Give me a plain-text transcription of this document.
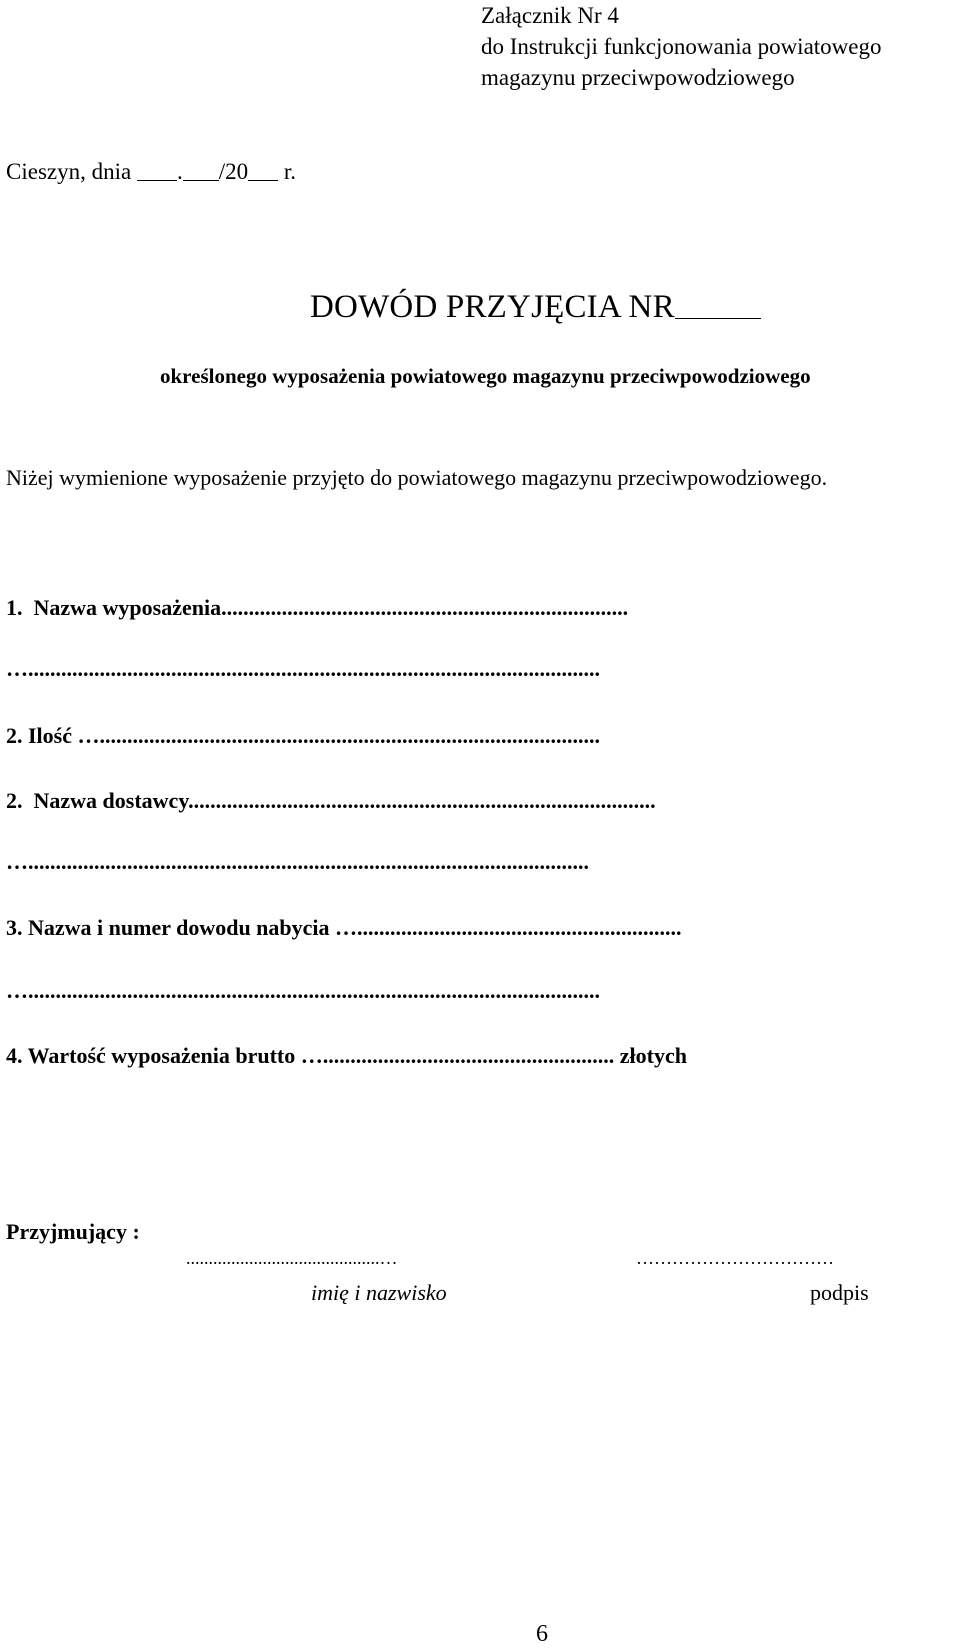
Załącznik Nr 4
do Instrukcji funkcjonowania powiatowego
magazynu przeciwpowodziowego
Cieszyn, dnia . /20 r.
DOWÓD PRZYJĘCIA NR
określonego wyposażenia powiatowego magazynu przeciwpowodziowego
Niżej wymienione wyposażenie przyjęto do powiatowego magazynu przeciwpowodziowego.
1.  Nazwa wyposażenia..........................................................................
…........................................................................................................
2. Ilość …...........................................................................................
2.  Nazwa dostawcy.....................................................................................
…......................................................................................................
3. Nazwa i numer dowodu nabycia …...........................................................
…........................................................................................................
4. Wartość wyposażenia brutto …..................................................... złotych
Przyjmujący :
...........................................…	……………………………
imię i nazwisko	podpis
6
